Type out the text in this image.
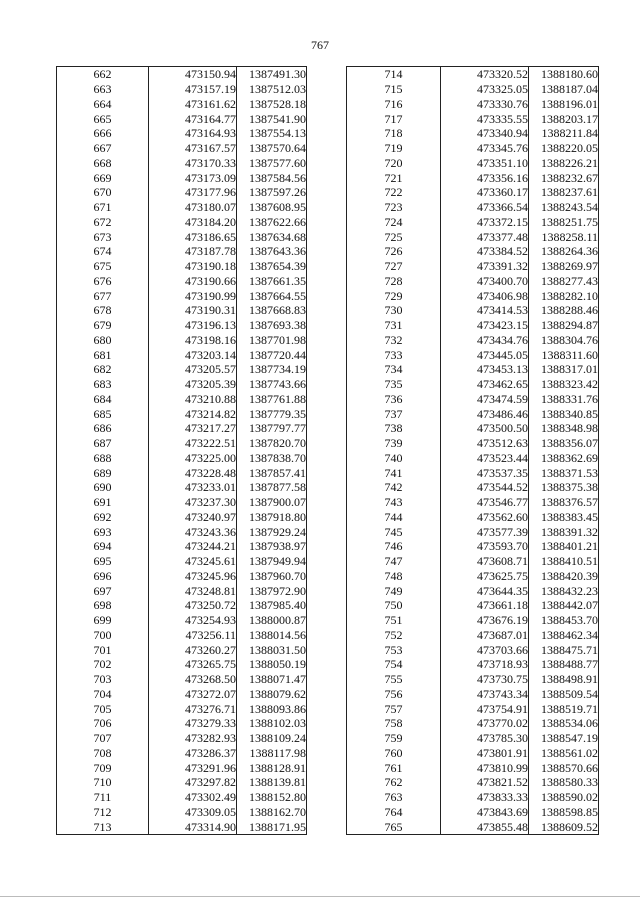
767
662	473150.94	1387491.30
663	473157.19	1387512.03
664	473161.62	1387528.18
665	473164.77	1387541.90
666	473164.93	1387554.13
667	473167.57	1387570.64
668	473170.33	1387577.60
669	473173.09	1387584.56
670	473177.96	1387597.26
671	473180.07	1387608.95
672	473184.20	1387622.66
673	473186.65	1387634.68
674	473187.78	1387643.36
675	473190.18	1387654.39
676	473190.66	1387661.35
677	473190.99	1387664.55
678	473190.31	1387668.83
679	473196.13	1387693.38
680	473198.16	1387701.98
681	473203.14	1387720.44
682	473205.57	1387734.19
683	473205.39	1387743.66
684	473210.88	1387761.88
685	473214.82	1387779.35
686	473217.27	1387797.77
687	473222.51	1387820.70
688	473225.00	1387838.70
689	473228.48	1387857.41
690	473233.01	1387877.58
691	473237.30	1387900.07
692	473240.97	1387918.80
693	473243.36	1387929.24
694	473244.21	1387938.97
695	473245.61	1387949.94
696	473245.96	1387960.70
697	473248.81	1387972.90
698	473250.72	1387985.40
699	473254.93	1388000.87
700	473256.11	1388014.56
701	473260.27	1388031.50
702	473265.75	1388050.19
703	473268.50	1388071.47
704	473272.07	1388079.62
705	473276.71	1388093.86
706	473279.33	1388102.03
707	473282.93	1388109.24
708	473286.37	1388117.98
709	473291.96	1388128.91
710	473297.82	1388139.81
711	473302.49	1388152.80
712	473309.05	1388162.70
713	473314.90	1388171.95
714	473320.52	1388180.60
715	473325.05	1388187.04
716	473330.76	1388196.01
717	473335.55	1388203.17
718	473340.94	1388211.84
719	473345.76	1388220.05
720	473351.10	1388226.21
721	473356.16	1388232.67
722	473360.17	1388237.61
723	473366.54	1388243.54
724	473372.15	1388251.75
725	473377.48	1388258.11
726	473384.52	1388264.36
727	473391.32	1388269.97
728	473400.70	1388277.43
729	473406.98	1388282.10
730	473414.53	1388288.46
731	473423.15	1388294.87
732	473434.76	1388304.76
733	473445.05	1388311.60
734	473453.13	1388317.01
735	473462.65	1388323.42
736	473474.59	1388331.76
737	473486.46	1388340.85
738	473500.50	1388348.98
739	473512.63	1388356.07
740	473523.44	1388362.69
741	473537.35	1388371.53
742	473544.52	1388375.38
743	473546.77	1388376.57
744	473562.60	1388383.45
745	473577.39	1388391.32
746	473593.70	1388401.21
747	473608.71	1388410.51
748	473625.75	1388420.39
749	473644.35	1388432.23
750	473661.18	1388442.07
751	473676.19	1388453.70
752	473687.01	1388462.34
753	473703.66	1388475.71
754	473718.93	1388488.77
755	473730.75	1388498.91
756	473743.34	1388509.54
757	473754.91	1388519.71
758	473770.02	1388534.06
759	473785.30	1388547.19
760	473801.91	1388561.02
761	473810.99	1388570.66
762	473821.52	1388580.33
763	473833.33	1388590.02
764	473843.69	1388598.85
765	473855.48	1388609.52
